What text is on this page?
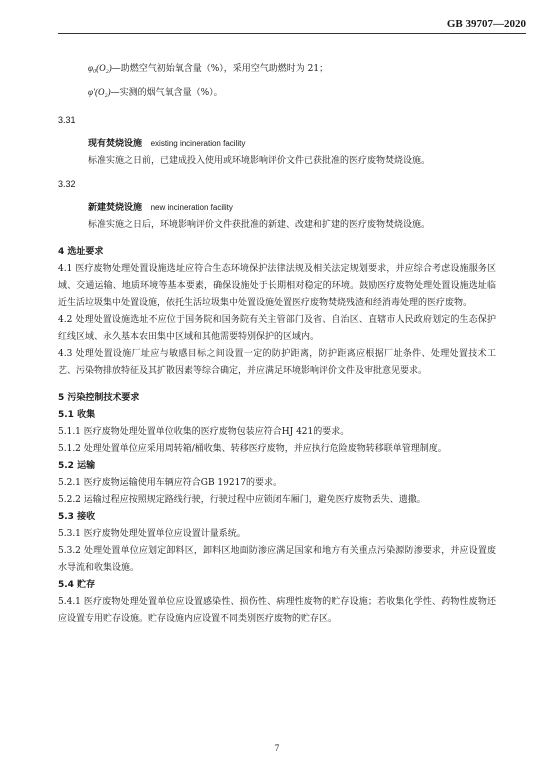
GB 39707—2020
φ₀(O₂)—助燃空气初始氧含量（%），采用空气助燃时为 21；
φ′(O₂)—实测的烟气氧含量（%）。
3.31
现有焚烧设施 existing incineration facility
标准实施之日前，已建成投入使用或环境影响评价文件已获批准的医疗废物焚烧设施。
3.32
新建焚烧设施 new incineration facility
标准实施之日后，环境影响评价文件获批准的新建、改建和扩建的医疗废物焚烧设施。
4 选址要求
4.1 医疗废物处理处置设施选址应符合生态环境保护法律法规及相关法定规划要求，并应综合考虑设施服务区域、交通运输、地质环境等基本要素，确保设施处于长期相对稳定的环境。鼓励医疗废物处理处置设施选址临近生活垃圾集中处置设施，依托生活垃圾集中处置设施处置医疗废物焚烧残渣和经消毒处理的医疗废物。
4.2 处理处置设施选址不应位于国务院和国务院有关主管部门及省、自治区、直辖市人民政府划定的生态保护红线区域、永久基本农田集中区域和其他需要特别保护的区域内。
4.3 处理处置设施厂址应与敏感目标之间设置一定的防护距离，防护距离应根据厂址条件、处理处置技术工艺、污染物排放特征及其扩散因素等综合确定，并应满足环境影响评价文件及审批意见要求。
5 污染控制技术要求
5.1 收集
5.1.1 医疗废物处理处置单位收集的医疗废物包装应符合HJ 421的要求。
5.1.2 处理处置单位应采用周转箱/桶收集、转移医疗废物，并应执行危险废物转移联单管理制度。
5.2 运输
5.2.1 医疗废物运输使用车辆应符合GB 19217的要求。
5.2.2 运输过程应按照规定路线行驶，行驶过程中应锁闭车厢门，避免医疗废物丢失、遗撒。
5.3 接收
5.3.1 医疗废物处理处置单位应设置计量系统。
5.3.2 处理处置单位应划定卸料区，卸料区地面防渗应满足国家和地方有关重点污染源防渗要求，并应设置废水导流和收集设施。
5.4 贮存
5.4.1 医疗废物处理处置单位应设置感染性、损伤性、病理性废物的贮存设施；若收集化学性、药物性废物还应设置专用贮存设施。贮存设施内应设置不同类别医疗废物的贮存区。
7
